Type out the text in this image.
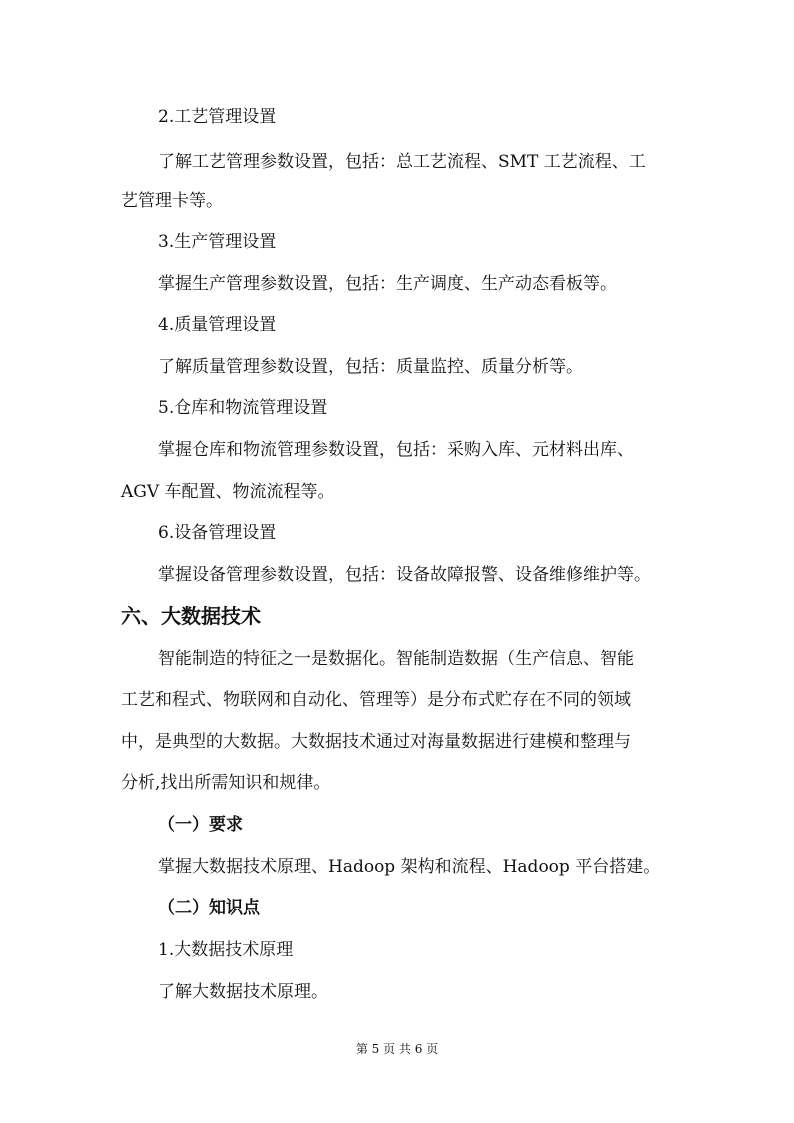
2.工艺管理设置
了解工艺管理参数设置，包括：总工艺流程、SMT 工艺流程、工
艺管理卡等。
3.生产管理设置
掌握生产管理参数设置，包括：生产调度、生产动态看板等。
4.质量管理设置
了解质量管理参数设置，包括：质量监控、质量分析等。
5.仓库和物流管理设置
掌握仓库和物流管理参数设置，包括：采购入库、元材料出库、
AGV 车配置、物流流程等。
6.设备管理设置
掌握设备管理参数设置，包括：设备故障报警、设备维修维护等。
六、大数据技术
智能制造的特征之一是数据化。智能制造数据（生产信息、智能
工艺和程式、物联网和自动化、管理等）是分布式贮存在不同的领域
中，是典型的大数据。大数据技术通过对海量数据进行建模和整理与
分析,找出所需知识和规律。
（一）要求
掌握大数据技术原理、Hadoop 架构和流程、Hadoop 平台搭建。
（二）知识点
1.大数据技术原理
了解大数据技术原理。
第 5 页 共 6 页
